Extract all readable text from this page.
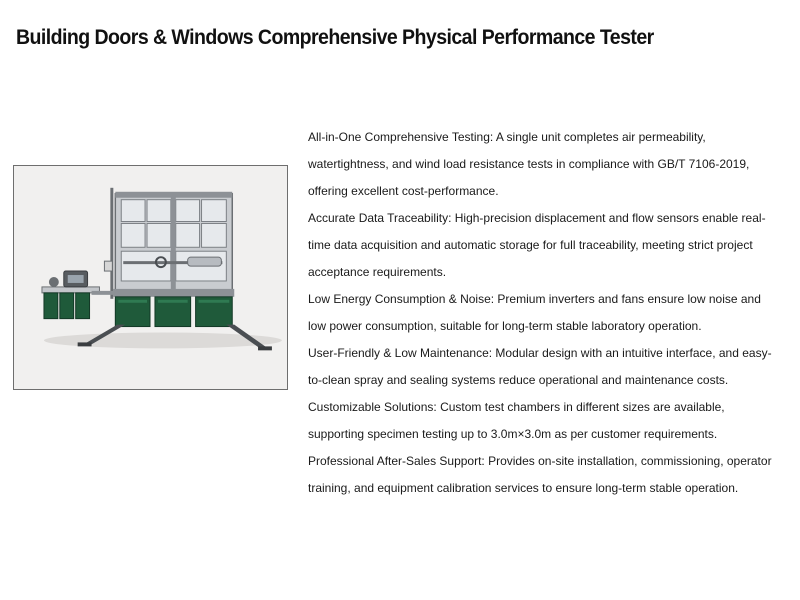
Building Doors & Windows Comprehensive Physical Performance Tester
All-in-One Comprehensive Testing: A single unit completes air permeability, watertightness, and wind load resistance tests in compliance with GB/T 7106-2019, offering excellent cost-performance.
Accurate Data Traceability: High-precision displacement and flow sensors enable real-time data acquisition and automatic storage for full traceability, meeting strict project acceptance requirements.
Low Energy Consumption & Noise: Premium inverters and fans ensure low noise and low power consumption, suitable for long-term stable laboratory operation.
User-Friendly & Low Maintenance: Modular design with an intuitive interface, and easy-to-clean spray and sealing systems reduce operational and maintenance costs.
Customizable Solutions: Custom test chambers in different sizes are available, supporting specimen testing up to 3.0m×3.0m as per customer requirements.
Professional After-Sales Support: Provides on-site installation, commissioning, operator training, and equipment calibration services to ensure long-term stable operation.
